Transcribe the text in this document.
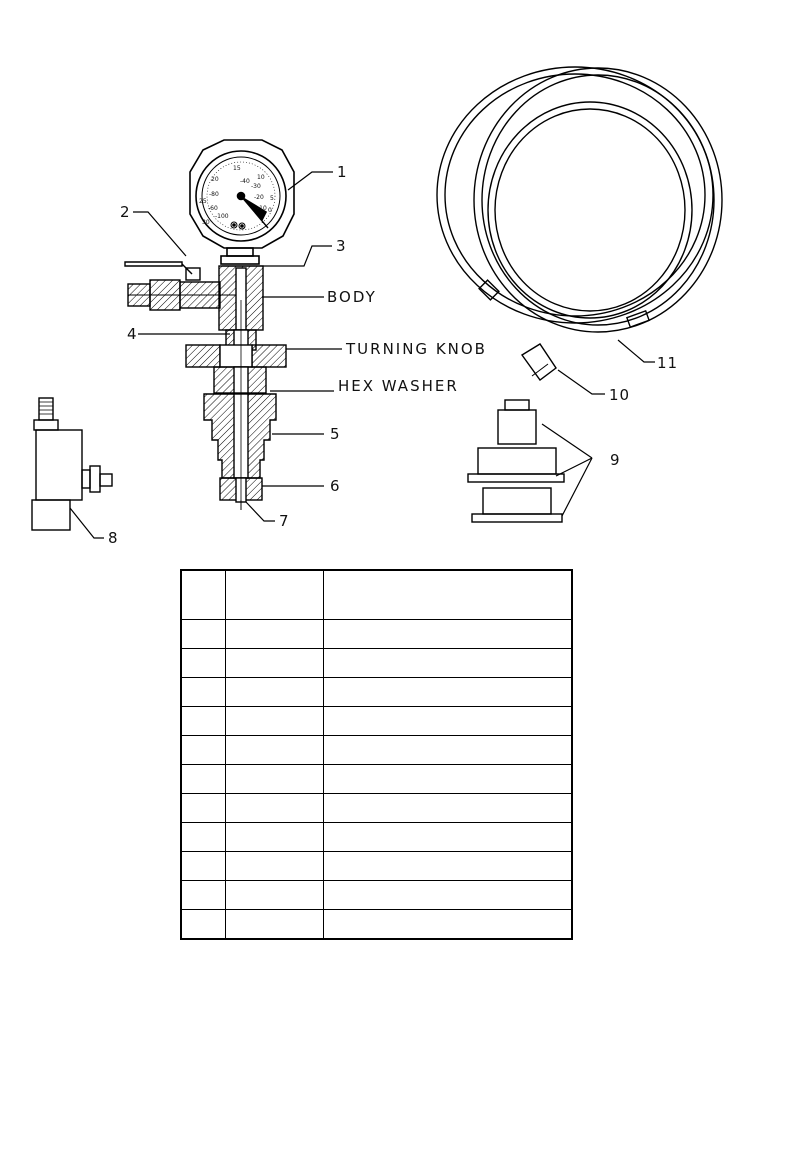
30
25
20
15
10
5
0
-10
-20
-30
-40
-60
-80
-100
1
2
3
4
5
6
7
8
9
10
11
BODY
TURNING KNOB
HEX WASHER
